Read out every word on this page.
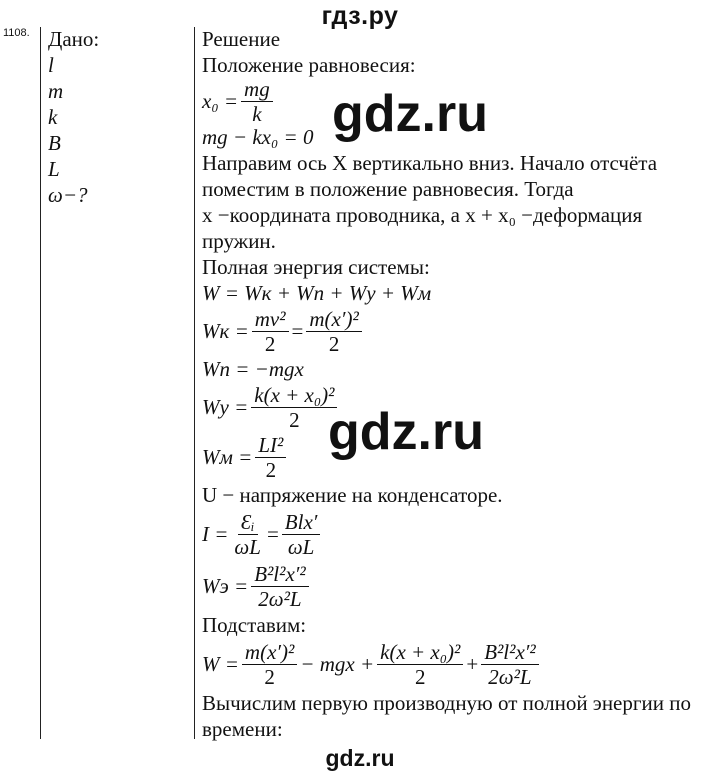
гдз.ру
1108. Дано:
l
m
k
B
L
ω−?
Решение
Положение равновесия:
$x_0 = \frac{mg}{k}$
mg − kx₀ = 0
Направим ось X вертикально вниз. Начало отсчёта
поместим в положение равновесия. Тогда
x −координата проводника, а x + x₀ −деформация
пружин.
Полная энергия системы:
W = Wк + Wп + Wу + Wм
Wк = $\frac{\text{mv²}}{2} = \frac{\text{m(x′)²}}{2}$
Wп = −mgx
Wу = $\frac{\text{k(x + x₀)²}}{2}$
Wм = $\frac{\text{LI²}}{2}$
U − напряжение на конденсаторе.
$I = \frac{\text{Ɛᵢ}}{\omega L} = \frac{\text{Blx′}}{\omega L}$
Wэ = $\frac{\text{B²l²x′²}}{\text{2ω²L}}$
Подставим:
$W = \frac{\text{m(x′)²}}{2}$ − mgx + $\frac{\text{k(x + x₀)²}}{2} + \frac{\text{B²l²x′²}}{\text{2ω²L}}$
Вычислим первую производную от полной энергии по
времени:
gdz.ru
gdz.ru
gdz.ru
